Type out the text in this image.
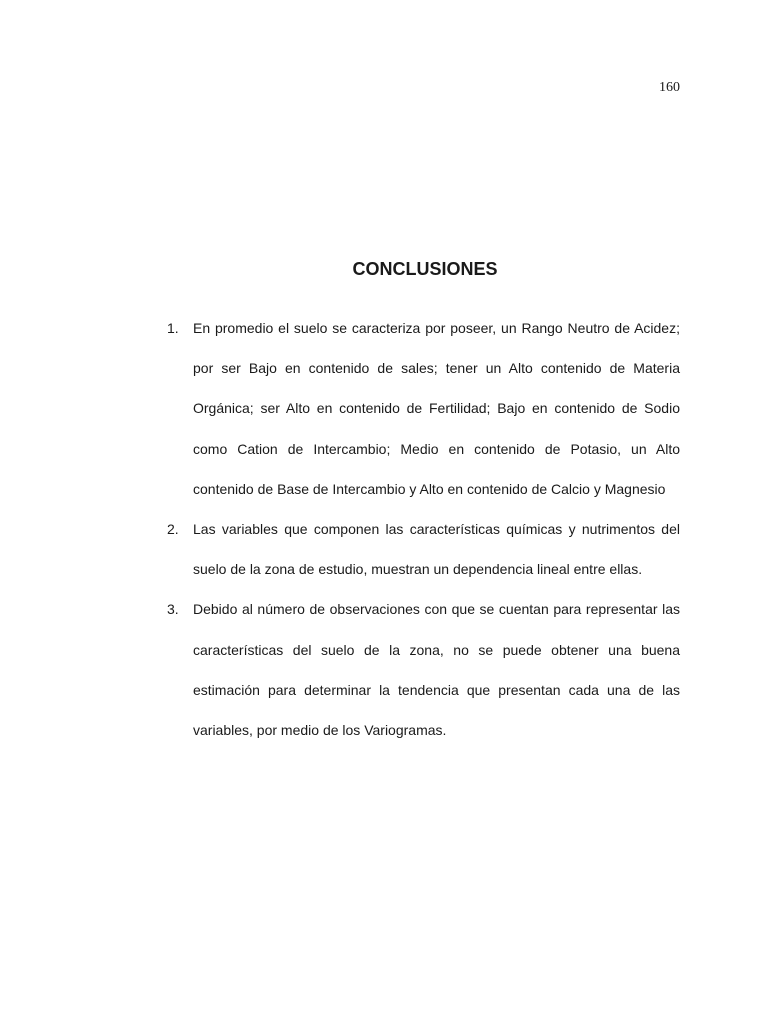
160
CONCLUSIONES
1.	En promedio el suelo se caracteriza por poseer, un Rango Neutro de Acidez; por ser Bajo en contenido de sales; tener un Alto contenido de Materia Orgánica; ser Alto en contenido de Fertilidad; Bajo en contenido de Sodio como Cation de Intercambio; Medio en contenido de Potasio, un Alto contenido de Base de Intercambio y Alto en contenido de Calcio y Magnesio
2.	Las variables que componen las características químicas y nutrimentos del suelo de la zona de estudio, muestran un dependencia lineal entre ellas.
3.	Debido al número de observaciones con que se cuentan para representar las características del suelo de la zona, no se puede obtener una buena estimación para determinar la tendencia que presentan cada una de las variables, por medio de los Variogramas.
